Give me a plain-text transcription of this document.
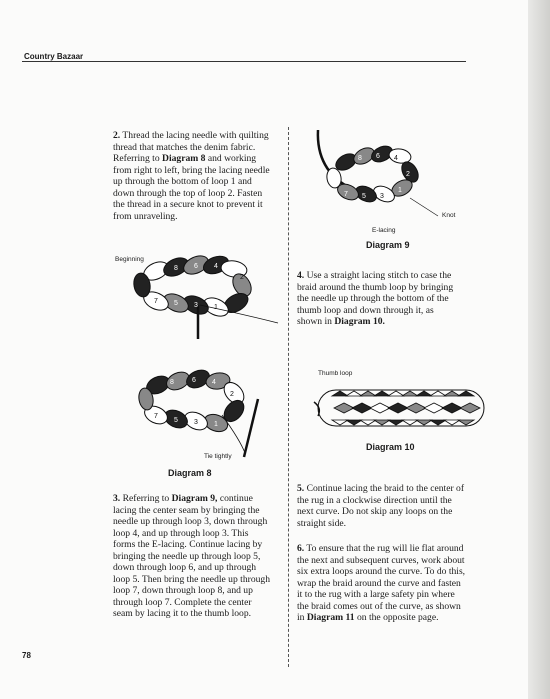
Country Bazaar

2. Thread the lacing needle with quilting thread that matches the denim fabric. Referring to Diagram 8 and working from right to left, bring the lacing needle up through the bottom of loop 1 and down through the top of loop 2. Fasten the thread in a secure knot to prevent it from unraveling.

Beginning
8 6 4
2
7 5 3 1
8	6 4
2
7
5 3 1
Tie tightly
Diagram 8

3. Referring to Diagram 9, continue lacing the center seam by bringing the needle up through loop 3, down through loop 4, and up through loop 3. This forms the E-lacing. Continue lacing by bringing the needle up through loop 5, down through loop 6, and up through loop 5. Then bring the needle up through loop 7, down through loop 8, and up through loop 7. Complete the center seam by lacing it to the thumb loop.

8 6 4
2
7 5 3
1
Knot
E-lacing
Diagram 9

4. Use a straight lacing stitch to case the braid around the thumb loop by bringing the needle up through the bottom of the thumb loop and down through it, as shown in Diagram 10.

Thumb loop
Diagram 10

5. Continue lacing the braid to the center of the rug in a clockwise direction until the next curve. Do not skip any loops on the straight side.

6. To ensure that the rug will lie flat around the next and subsequent curves, work about six extra loops around the curve. To do this, wrap the braid around the curve and fasten it to the rug with a large safety pin where the braid comes out of the curve, as shown in Diagram 11 on the opposite page.

78
